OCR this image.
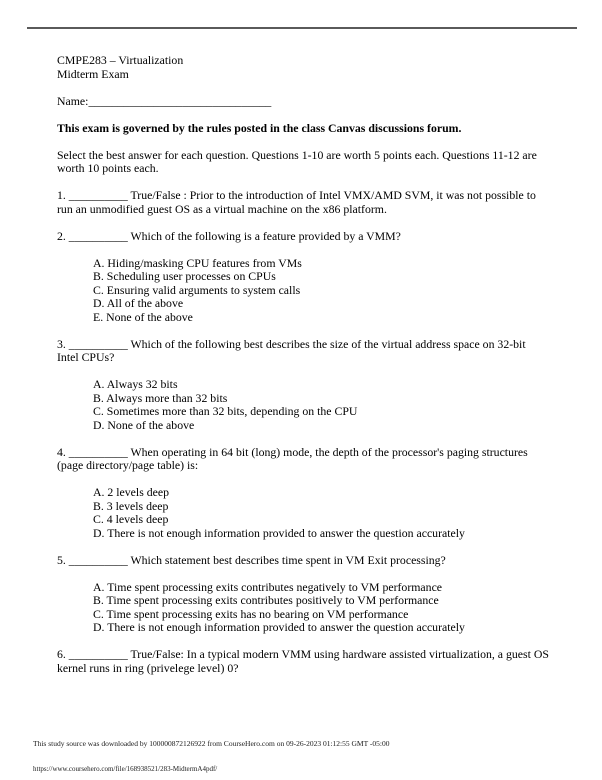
CMPE283 – Virtualization

Midterm Exam

Name:_______________________________

This exam is governed by the rules posted in the class Canvas discussions forum.

Select the best answer for each question. Questions 1-10 are worth 5 points each. Questions 11-12 are worth 10 points each.

1. __________ True/False : Prior to the introduction of Intel VMX/AMD SVM, it was not possible to run an unmodified guest OS as a virtual machine on the x86 platform.

2. __________ Which of the following is a feature provided by a VMM?

A. Hiding/masking CPU features from VMs

B. Scheduling user processes on CPUs

C. Ensuring valid arguments to system calls

D. All of the above

E. None of the above

3. __________ Which of the following best describes the size of the virtual address space on 32-bit Intel CPUs?

A. Always 32 bits

B. Always more than 32 bits

C. Sometimes more than 32 bits, depending on the CPU

D. None of the above

4. __________ When operating in 64 bit (long) mode, the depth of the processor's paging structures (page directory/page table) is:

A. 2 levels deep

B. 3 levels deep

C. 4 levels deep

D. There is not enough information provided to answer the question accurately

5. __________ Which statement best describes time spent in VM Exit processing?

A. Time spent processing exits contributes negatively to VM performance

B. Time spent processing exits contributes positively to VM performance

C. Time spent processing exits has no bearing on VM performance

D. There is not enough information provided to answer the question accurately

6. __________ True/False: In a typical modern VMM using hardware assisted virtualization, a guest OS kernel runs in ring (privelege level) 0?

This study source was downloaded by 100000872126922 from CourseHero.com on 09-26-2023 01:12:55 GMT -05:00
https://www.coursehero.com/file/168938521/283-MidtermA4pdf/
